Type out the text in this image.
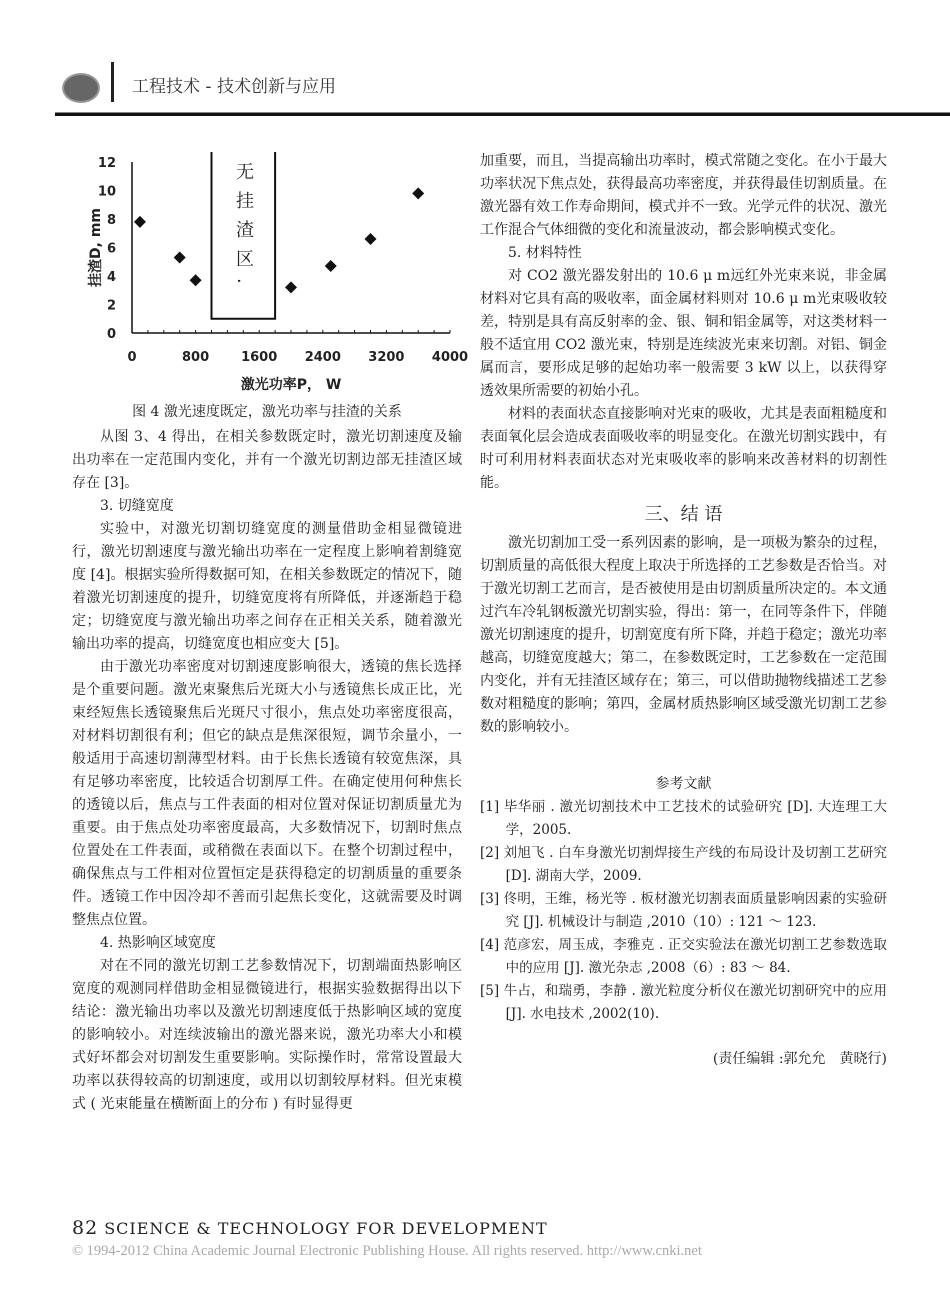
工程技术 - 技术创新与应用
0	800 1600 2400 3200 4000
0
2
4
6
8
10
12
激光功率P， W
挂渣D, mm	无挂渣区.
图 4 激光速度既定，激光功率与挂渣的关系

从图 3、4 得出，在相关参数既定时，激光切割速度及输出功率在一定范围内变化，并有一个激光切割边部无挂渣区域存在 [3]。

3. 切缝宽度

实验中，对激光切割切缝宽度的测量借助金相显微镜进行，激光切割速度与激光输出功率在一定程度上影响着割缝宽度 [4]。根据实验所得数据可知，在相关参数既定的情况下，随着激光切割速度的提升，切缝宽度将有所降低，并逐渐趋于稳定；切缝宽度与激光输出功率之间存在正相关关系，随着激光输出功率的提高，切缝宽度也相应变大 [5]。

由于激光功率密度对切割速度影响很大，透镜的焦长选择是个重要问题。激光束聚焦后光斑大小与透镜焦长成正比，光束经短焦长透镜聚焦后光斑尺寸很小，焦点处功率密度很高，对材料切割很有利；但它的缺点是焦深很短，调节余量小，一般适用于高速切割薄型材料。由于长焦长透镜有较宽焦深，具有足够功率密度，比较适合切割厚工件。在确定使用何种焦长的透镜以后，焦点与工件表面的相对位置对保证切割质量尤为重要。由于焦点处功率密度最高，大多数情况下，切割时焦点位置处在工件表面，或稍微在表面以下。在整个切割过程中，确保焦点与工件相对位置恒定是获得稳定的切割质量的重要条件。透镜工作中因冷却不善而引起焦长变化，这就需要及时调整焦点位置。

4. 热影响区域宽度

对在不同的激光切割工艺参数情况下，切割端面热影响区宽度的观测同样借助金相显微镜进行，根据实验数据得出以下结论：激光输出功率以及激光切割速度低于热影响区域的宽度的影响较小。对连续波输出的激光器来说，激光功率大小和模式好坏都会对切割发生重要影响。实际操作时，常常设置最大功率以获得较高的切割速度，或用以切割较厚材料。但光束模式 ( 光束能量在横断面上的分布 ) 有时显得更

加重要，而且，当提高输出功率时，模式常随之变化。在小于最大功率状况下焦点处，获得最高功率密度，并获得最佳切割质量。在激光器有效工作寿命期间，模式并不一致。光学元件的状况、激光工作混合气体细微的变化和流量波动，都会影响模式变化。

5. 材料特性

对 CO2 激光器发射出的 10.6 μ m远红外光束来说，非金属材料对它具有高的吸收率，面金属材料则对 10.6 μ m光束吸收较差，特别是具有高反射率的金、银、铜和铝金属等，对这类材料一般不适宜用 CO2 激光束，特别是连续波光束来切割。对铝、铜金属而言，要形成足够的起始功率一般需要 3 kW 以上，以获得穿透效果所需要的初始小孔。

材料的表面状态直接影响对光束的吸收，尤其是表面粗糙度和表面氧化层会造成表面吸收率的明显变化。在激光切割实践中，有时可利用材料表面状态对光束吸收率的影响来改善材料的切割性能。

三、结 语

激光切割加工受一系列因素的影响，是一项极为繁杂的过程，切割质量的高低很大程度上取决于所选择的工艺参数是否恰当。对于激光切割工艺而言，是否被使用是由切割质量所决定的。本文通过汽车冷轧钢板激光切割实验，得出：第一，在同等条件下，伴随激光切割速度的提升，切割宽度有所下降，并趋于稳定；激光功率越高，切缝宽度越大；第二，在参数既定时，工艺参数在一定范围内变化，并有无挂渣区域存在；第三，可以借助抛物线描述工艺参数对粗糙度的影响；第四，金属材质热影响区域受激光切割工艺参数的影响较小。

参考文献

[1] 毕华丽 . 激光切割技术中工艺技术的试验研究 [D]. 大连理工大学，2005.

[2] 刘旭飞 . 白车身激光切割焊接生产线的布局设计及切割工艺研究 [D]. 湖南大学，2009.

[3] 佟明，王维，杨光等 . 板材激光切割表面质量影响因素的实验研究 [J]. 机械设计与制造 ,2010（10）: 121 ～ 123.

[4] 范彦宏，周玉成，李雅克 . 正交实验法在激光切割工艺参数选取中的应用 [J]. 激光杂志 ,2008（6）: 83 ～ 84.

[5] 牛占，和瑞勇，李静 . 激光粒度分析仪在激光切割研究中的应用 [J]. 水电技术 ,2002(10).

(责任编辑 :郭允允　黄晓行)
82 SCIENCE & TECHNOLOGY FOR DEVELOPMENT
© 1994-2012 China Academic Journal Electronic Publishing House. All rights reserved. http://www.cnki.net
